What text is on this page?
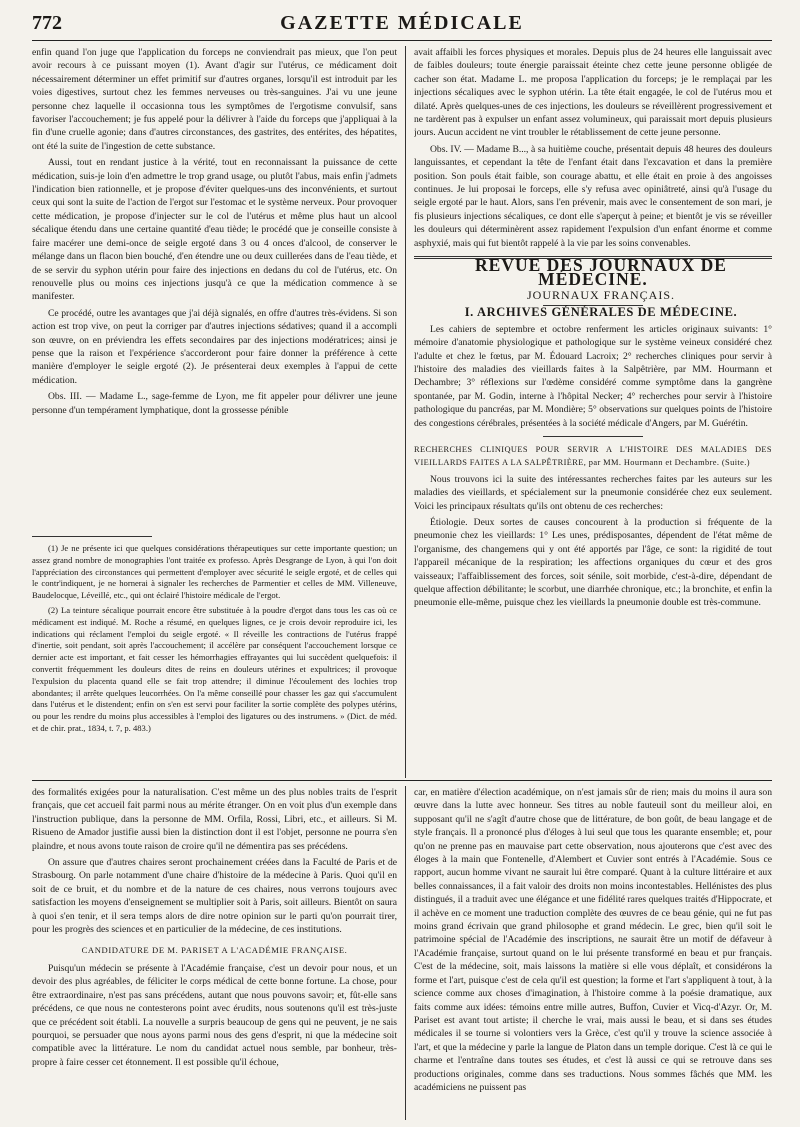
772	GAZETTE MÉDICALE

enfin quand l'on juge que l'application du forceps ne conviendrait pas mieux, que l'on peut avoir recours à ce puissant moyen (1). Avant d'agir sur l'utérus, ce médicament doit nécessairement déterminer un effet primitif sur d'autres organes, lorsqu'il est introduit par les voies digestives, surtout chez les femmes nerveuses ou très-sanguines. J'ai vu une jeune personne chez laquelle il occasionna tous les symptômes de l'ergotisme convulsif, sans favoriser l'accouchement; je fus appelé pour la délivrer à l'aide du forceps que j'appliquai à la fin d'une cruelle agonie; dans d'autres circonstances, des gastrites, des entérites, des hépatites, ont été la suite de l'ingestion de cette substance.

Aussi, tout en rendant justice à la vérité, tout en reconnaissant la puissance de cette médication, suis-je loin d'en admettre le trop grand usage, ou plutôt l'abus, mais enfin j'admets l'indication bien rationnelle, et je propose d'éviter quelques-uns des inconvénients, et surtout ceux qui sont la suite de l'action de l'ergot sur l'estomac et le système nerveux. Pour provoquer cette médication, je propose d'injecter sur le col de l'utérus et même plus haut un alcool sécalique étendu dans une certaine quantité d'eau tiède; le procédé que je conseille consiste à faire macérer une demi-once de seigle ergoté dans 3 ou 4 onces d'alcool, de conserver le mélange dans un flacon bien bouché, d'en étendre une ou deux cuillerées dans de l'eau tiède, et de se servir du syphon utérin pour faire des injections en dedans du col de l'utérus, etc. On renouvelle plus ou moins ces injections jusqu'à ce que la médication commence à se manifester.

Ce procédé, outre les avantages que j'ai déjà signalés, en offre d'autres très-évidens. Si son action est trop vive, on peut la corriger par d'autres injections sédatives; quand il a accompli son œuvre, on en préviendra les effets secondaires par des injections modératrices; ainsi je pense que la raison et l'expérience s'accorderont pour faire donner la préférence à cette manière d'employer le seigle ergoté (2). Je présenterai deux exemples à l'appui de cette médication.

Obs. III. — Madame L., sage-femme de Lyon, me fit appeler pour délivrer une jeune personne d'un tempérament lymphatique, dont la grossesse pénible

(1) Je ne présente ici que quelques considérations thérapeutiques sur cette importante question; un assez grand nombre de monographies l'ont traitée ex professo. Après Desgrange de Lyon, à qui l'on doit l'appréciation des circonstances qui permettent d'employer avec sécurité le seigle ergoté, et de celles qui le contr'indiquent, je ne hornerai à signaler les recherches de Parmentier et celles de MM. Villeneuve, Baudelocque, Léveillé, etc., qui ont éclairé l'histoire médicale de l'ergot.

(2) La teinture sécalique pourrait encore être substituée à la poudre d'ergot dans tous les cas où ce médicament est indiqué. M. Roche a résumé, en quelques lignes, ce je crois devoir reproduire ici, les indications qui réclament l'emploi du seigle ergoté. « Il réveille les contractions de l'utérus frappé d'inertie, soit pendant, soit après l'accouchement; il accélère par conséquent l'accouchement lorsque ce dernier acte est important, et fait cesser les hémorrhagies effrayantes qui lui succèdent quelquefois: il convertit fréquemment les douleurs dites de reins en douleurs utérines et expultrices; il provoque l'expulsion du placenta quand elle se fait trop attendre; il diminue l'écoulement des lochies trop abondantes; il arrête quelques leucorrhées. On l'a même conseillé pour chasser les gaz qui s'accumulent dans l'utérus et le distendent; enfin on s'en est servi pour faciliter la sortie complète des polypes utérins, ou pour les rendre du moins plus accessibles à l'emploi des ligatures ou des instrumens. » (Dict. de méd. et de chir. prat., 1834, t. 7, p. 483.)

avait affaibli les forces physiques et morales. Depuis plus de 24 heures elle languissait avec de faibles douleurs; toute énergie paraissait éteinte chez cette jeune personne obligée de cacher son état. Madame L. me proposa l'application du forceps; je le remplaçai par les injections sécaliques avec le syphon utérin. La tête était engagée, le col de l'utérus mou et dilaté. Après quelques-unes de ces injections, les douleurs se réveillèrent progressivement et ne tardèrent pas à expulser un enfant assez volumineux, qui paraissait mort depuis plusieurs jours. Aucun accident ne vint troubler le rétablissement de cette jeune personne.

Obs. IV. — Madame B..., à sa huitième couche, présentait depuis 48 heures des douleurs languissantes, et cependant la tête de l'enfant était dans l'excavation et dans la première position. Son pouls était faible, son courage abattu, et elle était en proie à des angoisses continues. Je lui proposai le forceps, elle s'y refusa avec opiniâtreté, ainsi qu'à l'usage du seigle ergoté par le haut. Alors, sans l'en prévenir, mais avec le consentement de son mari, je fis plusieurs injections sécaliques, ce dont elle s'aperçut à peine; et bientôt je vis se réveiller les douleurs qui déterminèrent assez rapidement l'expulsion d'un enfant énorme et comme asphyxié, mais qui fut bientôt rappelé à la vie par les soins convenables.

REVUE DES JOURNAUX DE MÉDECINE.

JOURNAUX FRANÇAIS.

I. ARCHIVES GÉNÉRALES DE MÉDECINE.

Les cahiers de septembre et octobre renferment les articles originaux suivants: 1° mémoire d'anatomie physiologique et pathologique sur le système veineux considéré chez l'adulte et chez le fœtus, par M. Édouard Lacroix; 2° recherches cliniques pour servir à l'histoire des maladies des vieillards faites à la Salpêtrière, par MM. Hourmann et Dechambre; 3° réflexions sur l'œdème considéré comme symptôme dans la gangrène spontanée, par M. Godin, interne à l'hôpital Necker; 4° recherches pour servir à l'histoire pathologique du pancréas, par M. Mondière; 5° observations sur quelques points de l'histoire des congestions cérébrales, présentées à la société médicale d'Angers, par M. Guérétin.

RECHERCHES CLINIQUES POUR SERVIR A L'HISTOIRE DES MALADIES DES VIEILLARDS FAITES A LA SALPÊTRIÈRE, par MM. Hourmann et Dechambre. (Suite.)

Nous trouvons ici la suite des intéressantes recherches faites par les auteurs sur les maladies des vieillards, et spécialement sur la pneumonie considérée chez eux seulement. Voici les principaux résultats qu'ils ont obtenu de ces recherches:

Étiologie. Deux sortes de causes concourent à la production si fréquente de la pneumonie chez les vieillards: 1° Les unes, prédisposantes, dépendent de l'état même de l'organisme, des changemens qui y ont été apportés par l'âge, ce sont: la rigidité de tout l'appareil mécanique de la respiration; les affections organiques du cœur et des gros vaisseaux; l'affaiblissement des forces, soit sénile, soit morbide, c'est-à-dire, dépendant de quelque affection débilitante; le scorbut, une diarrhée chronique, etc.; la bronchite, et enfin la pneumonie elle-même, puisque chez les vieillards la pneumonie double est très-commune.

des formalités exigées pour la naturalisation. C'est même un des plus nobles traits de l'esprit français, que cet accueil fait parmi nous au mérite étranger. On en voit plus d'un exemple dans l'instruction publique, dans la personne de MM. Orfila, Rossi, Libri, etc., et ailleurs. Si M. Risueno de Amador justifie aussi bien la distinction dont il est l'objet, personne ne pourra s'en plaindre, et nous avons toute raison de croire qu'il ne démentira pas ses précédens.

On assure que d'autres chaires seront prochainement créées dans la Faculté de Paris et de Strasbourg. On parle notamment d'une chaire d'histoire de la médecine à Paris. Quoi qu'il en soit de ce bruit, et du nombre et de la nature de ces chaires, nous verrons toujours avec satisfaction les moyens d'enseignement se multiplier soit à Paris, soit ailleurs. Bientôt on saura à quoi s'en tenir, et il sera temps alors de dire notre opinion sur le parti qu'on pourrait tirer, pour les progrès des sciences et en particulier de la médecine, de ces institutions.

CANDIDATURE DE M. PARISET A L'ACADÉMIE FRANÇAISE.

Puisqu'un médecin se présente à l'Académie française, c'est un devoir pour nous, et un devoir des plus agréables, de féliciter le corps médical de cette bonne fortune. La chose, pour être extraordinaire, n'est pas sans précédens, autant que nous pouvons savoir; et, fût-elle sans précédens, ce que nous ne contesterons point avec érudits, nous soutenons qu'il est très-juste que ce précédent soit établi. La nouvelle a surpris beaucoup de gens qui ne peuvent, je ne sais pourquoi, se persuader que nous ayons parmi nous des gens d'esprit, ni que la médecine soit compatible avec la littérature. Le nom du candidat actuel nous semble, par bonheur, très-propre à faire cesser cet étonnement. Il est possible qu'il échoue,

car, en matière d'élection académique, on n'est jamais sûr de rien; mais du moins il aura son œuvre dans la lutte avec honneur. Ses titres au noble fauteuil sont du meilleur aloi, en supposant qu'il ne s'agît d'autre chose que de littérature, de bon goût, de beau langage et de style français. Il a prononcé plus d'éloges à lui seul que tous les quarante ensemble; et, pour qu'on ne prenne pas en mauvaise part cette observation, nous ajouterons que c'est avec des éloges à la main que Fontenelle, d'Alembert et Cuvier sont entrés à l'Académie. Sous ce rapport, aucun homme vivant ne saurait lui être comparé. Quant à la culture littéraire et aux belles connaissances, il a fait valoir des droits non moins incontestables. Hellénistes des plus distingués, il a traduit avec une élégance et une fidélité rares quelques traités d'Hippocrate, et il achève en ce moment une traduction complète des œuvres de ce beau génie, qui ne fut pas moins grand écrivain que grand philosophe et grand médecin. Le grec, bien qu'il soit le patrimoine spécial de l'Académie des inscriptions, ne saurait être un motif de défaveur à l'Académie française, surtout quand on le lui présente transformé en beau et pur français. C'est de la médecine, soit, mais laissons la matière si elle vous déplaît, et considérons la forme et l'art, puisque c'est de cela qu'il est question; la forme et l'art s'appliquent à tout, à la science comme aux choses d'imagination, à l'histoire comme à la poésie dramatique, aux faits comme aux idées: témoins entre mille autres, Buffon, Cuvier et Vicq-d'Azyr. Or, M. Pariset est avant tout artiste; il cherche le vrai, mais aussi le beau, et si dans ses études médicales il se tourne si volontiers vers la Grèce, c'est qu'il y trouve la science associée à l'art, et que la médecine y parle la langue de Platon dans un temple dorique. C'est là ce qui le charme et l'entraîne dans toutes ses études, et c'est là aussi ce qui se retrouve dans ses productions originales, comme dans ses traductions. Nous sommes fâchés que MM. les académiciens ne puissent pas
